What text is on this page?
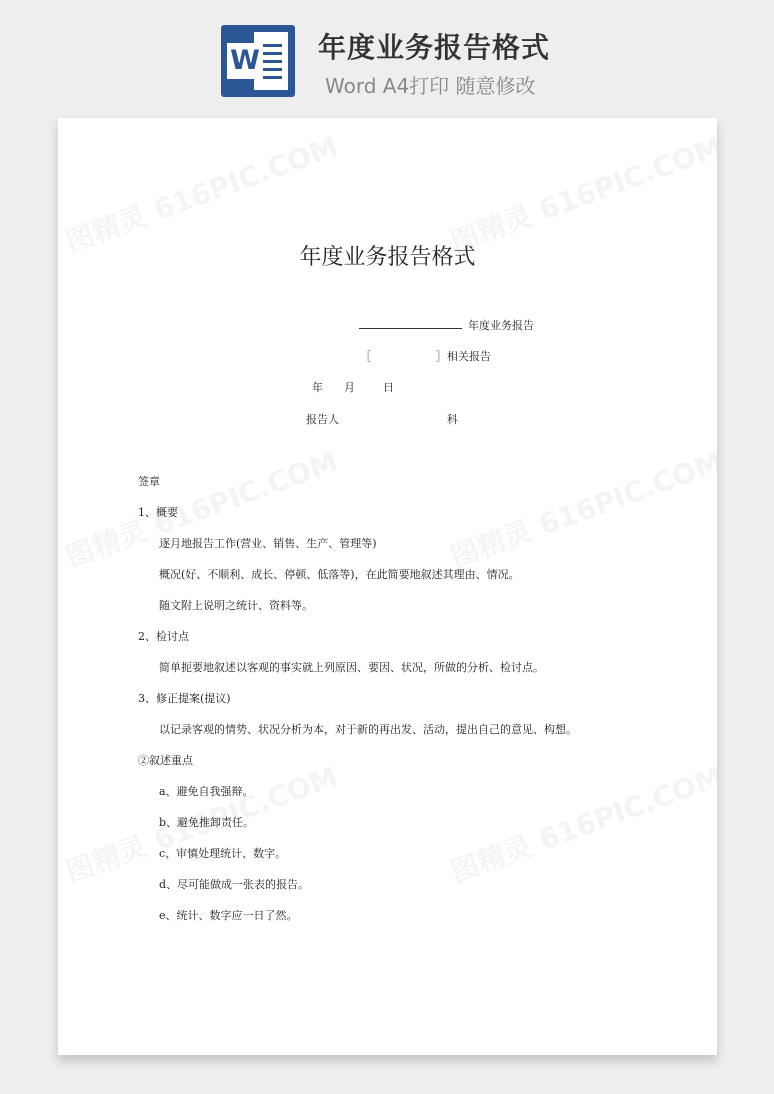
W 年度业务报告格式
Word A4打印 随意修改
年度业务报告格式
年度业务报告
［	］相关报告
年 月	日
报告人	科
签章
1、概要
逐月地报告工作(营业、销售、生产、管理等)
概况(好、不顺利、成长、停顿、低落等)，在此简要地叙述其理由、情况。
随文附上说明之统计、资料等。
2、检讨点
简单扼要地叙述以客观的事实就上列原因、要因、状况，所做的分析、检讨点。
3、修正提案(提议)
以记录客观的情势、状况分析为本，对于新的再出发、活动，提出自己的意见、构想。
②叙述重点
a、避免自我强辩。
b、避免推卸责任。
c、审慎处理统计、数字。
d、尽可能做成一张表的报告。
e、统计、数字应一日了然。
